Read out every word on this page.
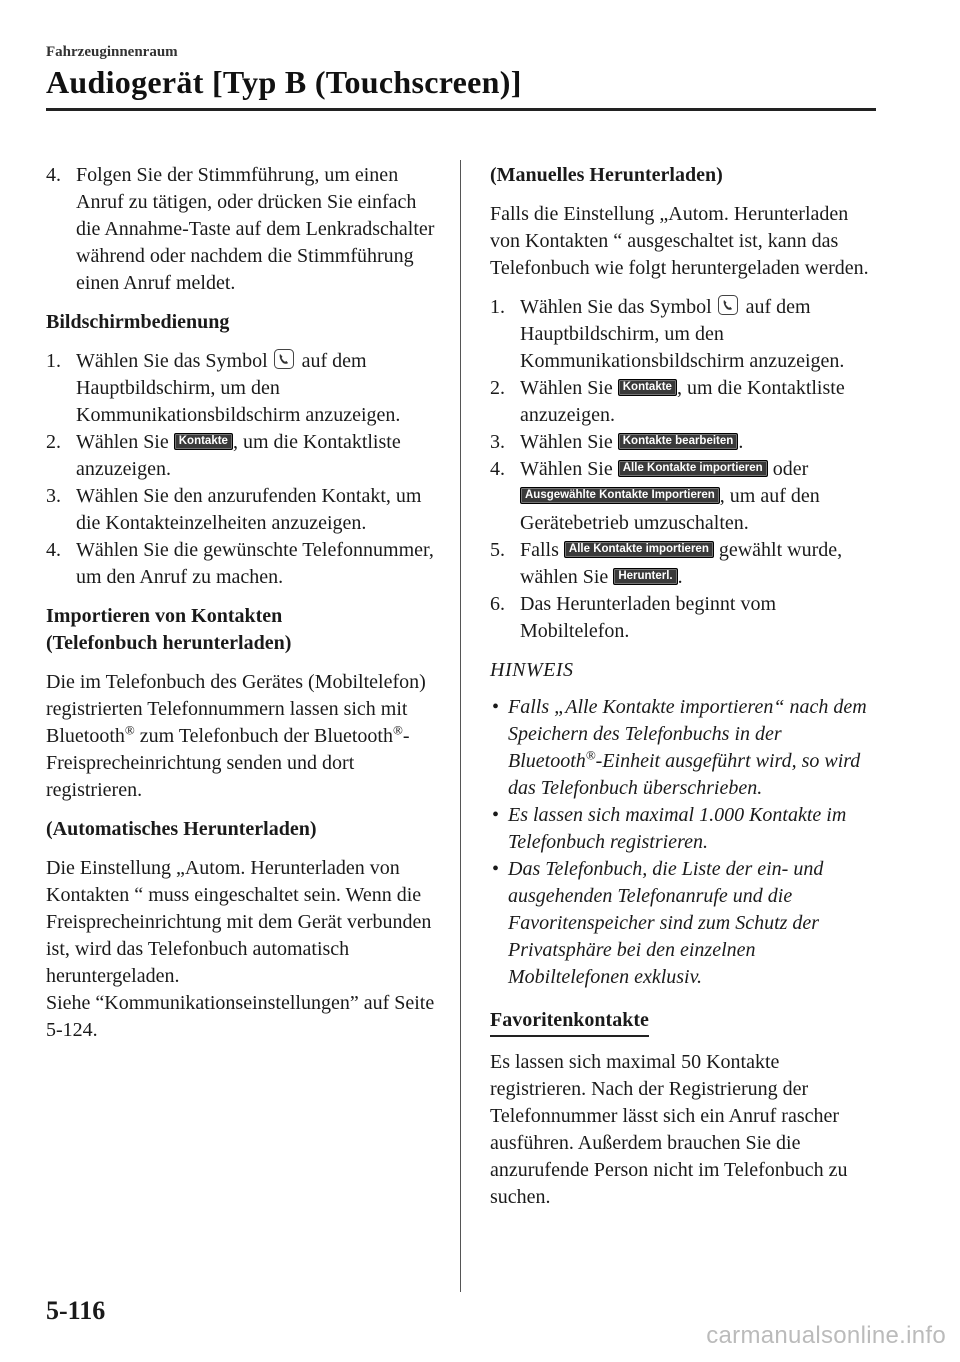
Fahrzeuginnenraum
Audiogerät [Typ B (Touchscreen)]
4. Folgen Sie der Stimmführung, um einen Anruf zu tätigen, oder drücken Sie einfach die Annahme-Taste auf dem Lenkradschalter während oder nachdem die Stimmführung einen Anruf meldet.
Bildschirmbedienung
1. Wählen Sie das Symbol auf dem Hauptbildschirm, um den Kommunikationsbildschirm anzuzeigen.
2. Wählen Sie Kontakte , um die Kontaktliste anzuzeigen.
3. Wählen Sie den anzurufenden Kontakt, um die Kontakteinzelheiten anzuzeigen.
4. Wählen Sie die gewünschte Telefonnummer, um den Anruf zu machen.
Importieren von Kontakten
(Telefonbuch herunterladen)

Die im Telefonbuch des Gerätes (Mobiltelefon) registrierten Telefonnummern lassen sich mit Bluetooth® zum Telefonbuch der Bluetooth®-Freisprecheinrichtung senden und dort registrieren.

(Automatisches Herunterladen)

Die Einstellung „Autom. Herunterladen von Kontakten “ muss eingeschaltet sein. Wenn die Freisprecheinrichtung mit dem Gerät verbunden ist, wird das Telefonbuch automatisch heruntergeladen.
Siehe “Kommunikationseinstellungen” auf Seite 5-124.

(Manuelles Herunterladen)

Falls die Einstellung „Autom. Herunterladen von Kontakten “ ausgeschaltet ist, kann das Telefonbuch wie folgt heruntergeladen werden.

1. Wählen Sie das Symbol auf dem Hauptbildschirm, um den Kommunikationsbildschirm anzuzeigen.
2. Wählen Sie Kontakte , um die Kontaktliste anzuzeigen.
3. Wählen Sie Kontakte bearbeiten .
4. Wählen Sie Alle Kontakte importieren oder Ausgewählte Kontakte Importieren , um auf den Gerätebetrieb umzuschalten.
5. Falls Alle Kontakte importieren gewählt wurde, wählen Sie Herunterl. .
6. Das Herunterladen beginnt vom Mobiltelefon.
HINWEIS
• Falls „Alle Kontakte importieren“ nach dem Speichern des Telefonbuchs in der Bluetooth®-Einheit ausgeführt wird, so wird das Telefonbuch überschrieben.
• Es lassen sich maximal 1.000 Kontakte im Telefonbuch registrieren.
• Das Telefonbuch, die Liste der ein- und ausgehenden Telefonanrufe und die Favoritenspeicher sind zum Schutz der Privatsphäre bei den einzelnen Mobiltelefonen exklusiv.
Favoritenkontakte

Es lassen sich maximal 50 Kontakte registrieren. Nach der Registrierung der Telefonnummer lässt sich ein Anruf rascher ausführen. Außerdem brauchen Sie die anzurufende Person nicht im Telefonbuch zu suchen.

5-116
carmanualsonline.info
